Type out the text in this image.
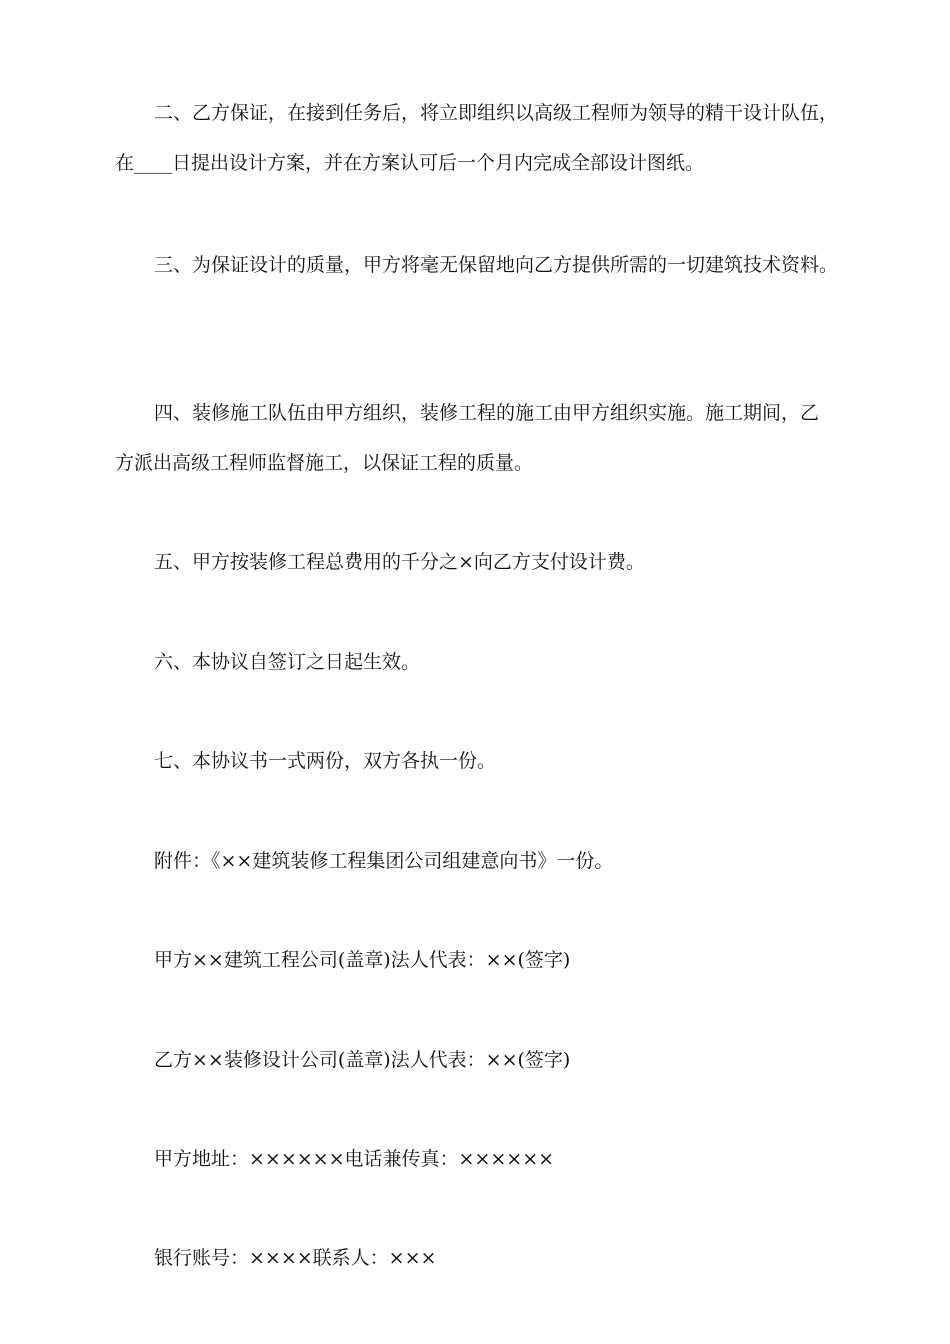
二、乙方保证，在接到任务后，将立即组织以高级工程师为领导的精干设计队伍，
在____日提出设计方案，并在方案认可后一个月内完成全部设计图纸。
三、为保证设计的质量，甲方将毫无保留地向乙方提供所需的一切建筑技术资料。
四、装修施工队伍由甲方组织，装修工程的施工由甲方组织实施。施工期间，乙
方派出高级工程师监督施工，以保证工程的质量。
五、甲方按装修工程总费用的千分之×向乙方支付设计费。
六、本协议自签订之日起生效。
七、本协议书一式两份，双方各执一份。
附件：《××建筑装修工程集团公司组建意向书》一份。
甲方××建筑工程公司(盖章)法人代表：××(签字)
乙方××装修设计公司(盖章)法人代表：××(签字)
甲方地址：××××××电话兼传真：××××××
银行账号：××××联系人：×××
